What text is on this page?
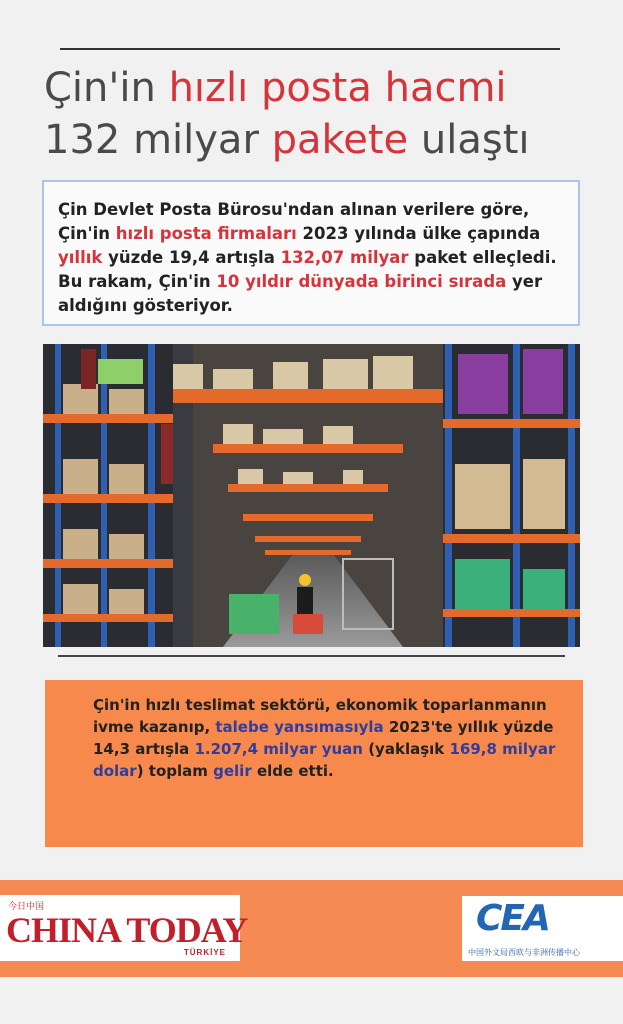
Çin'in hızlı posta hacmi
132 milyar pakete ulaştı
Çin Devlet Posta Bürosu'ndan alınan verilere göre, Çin'in hızlı posta firmaları 2023 yılında ülke çapında yıllık yüzde 19,4 artışla 132,07 milyar paket elleçledi. Bu rakam, Çin'in 10 yıldır dünyada birinci sırada yer aldığını gösteriyor.
Çin'in hızlı teslimat sektörü, ekonomik toparlanmanın ivme kazanıp, talebe yansımasıyla 2023'te yıllık yüzde 14,3 artışla 1.207,4 milyar yuan (yaklaşık 169,8 milyar dolar) toplam gelir elde etti.
今日中国
CHINA TODAY
TÜRKİYE
CEA
中国外文局西欧与非洲传播中心
